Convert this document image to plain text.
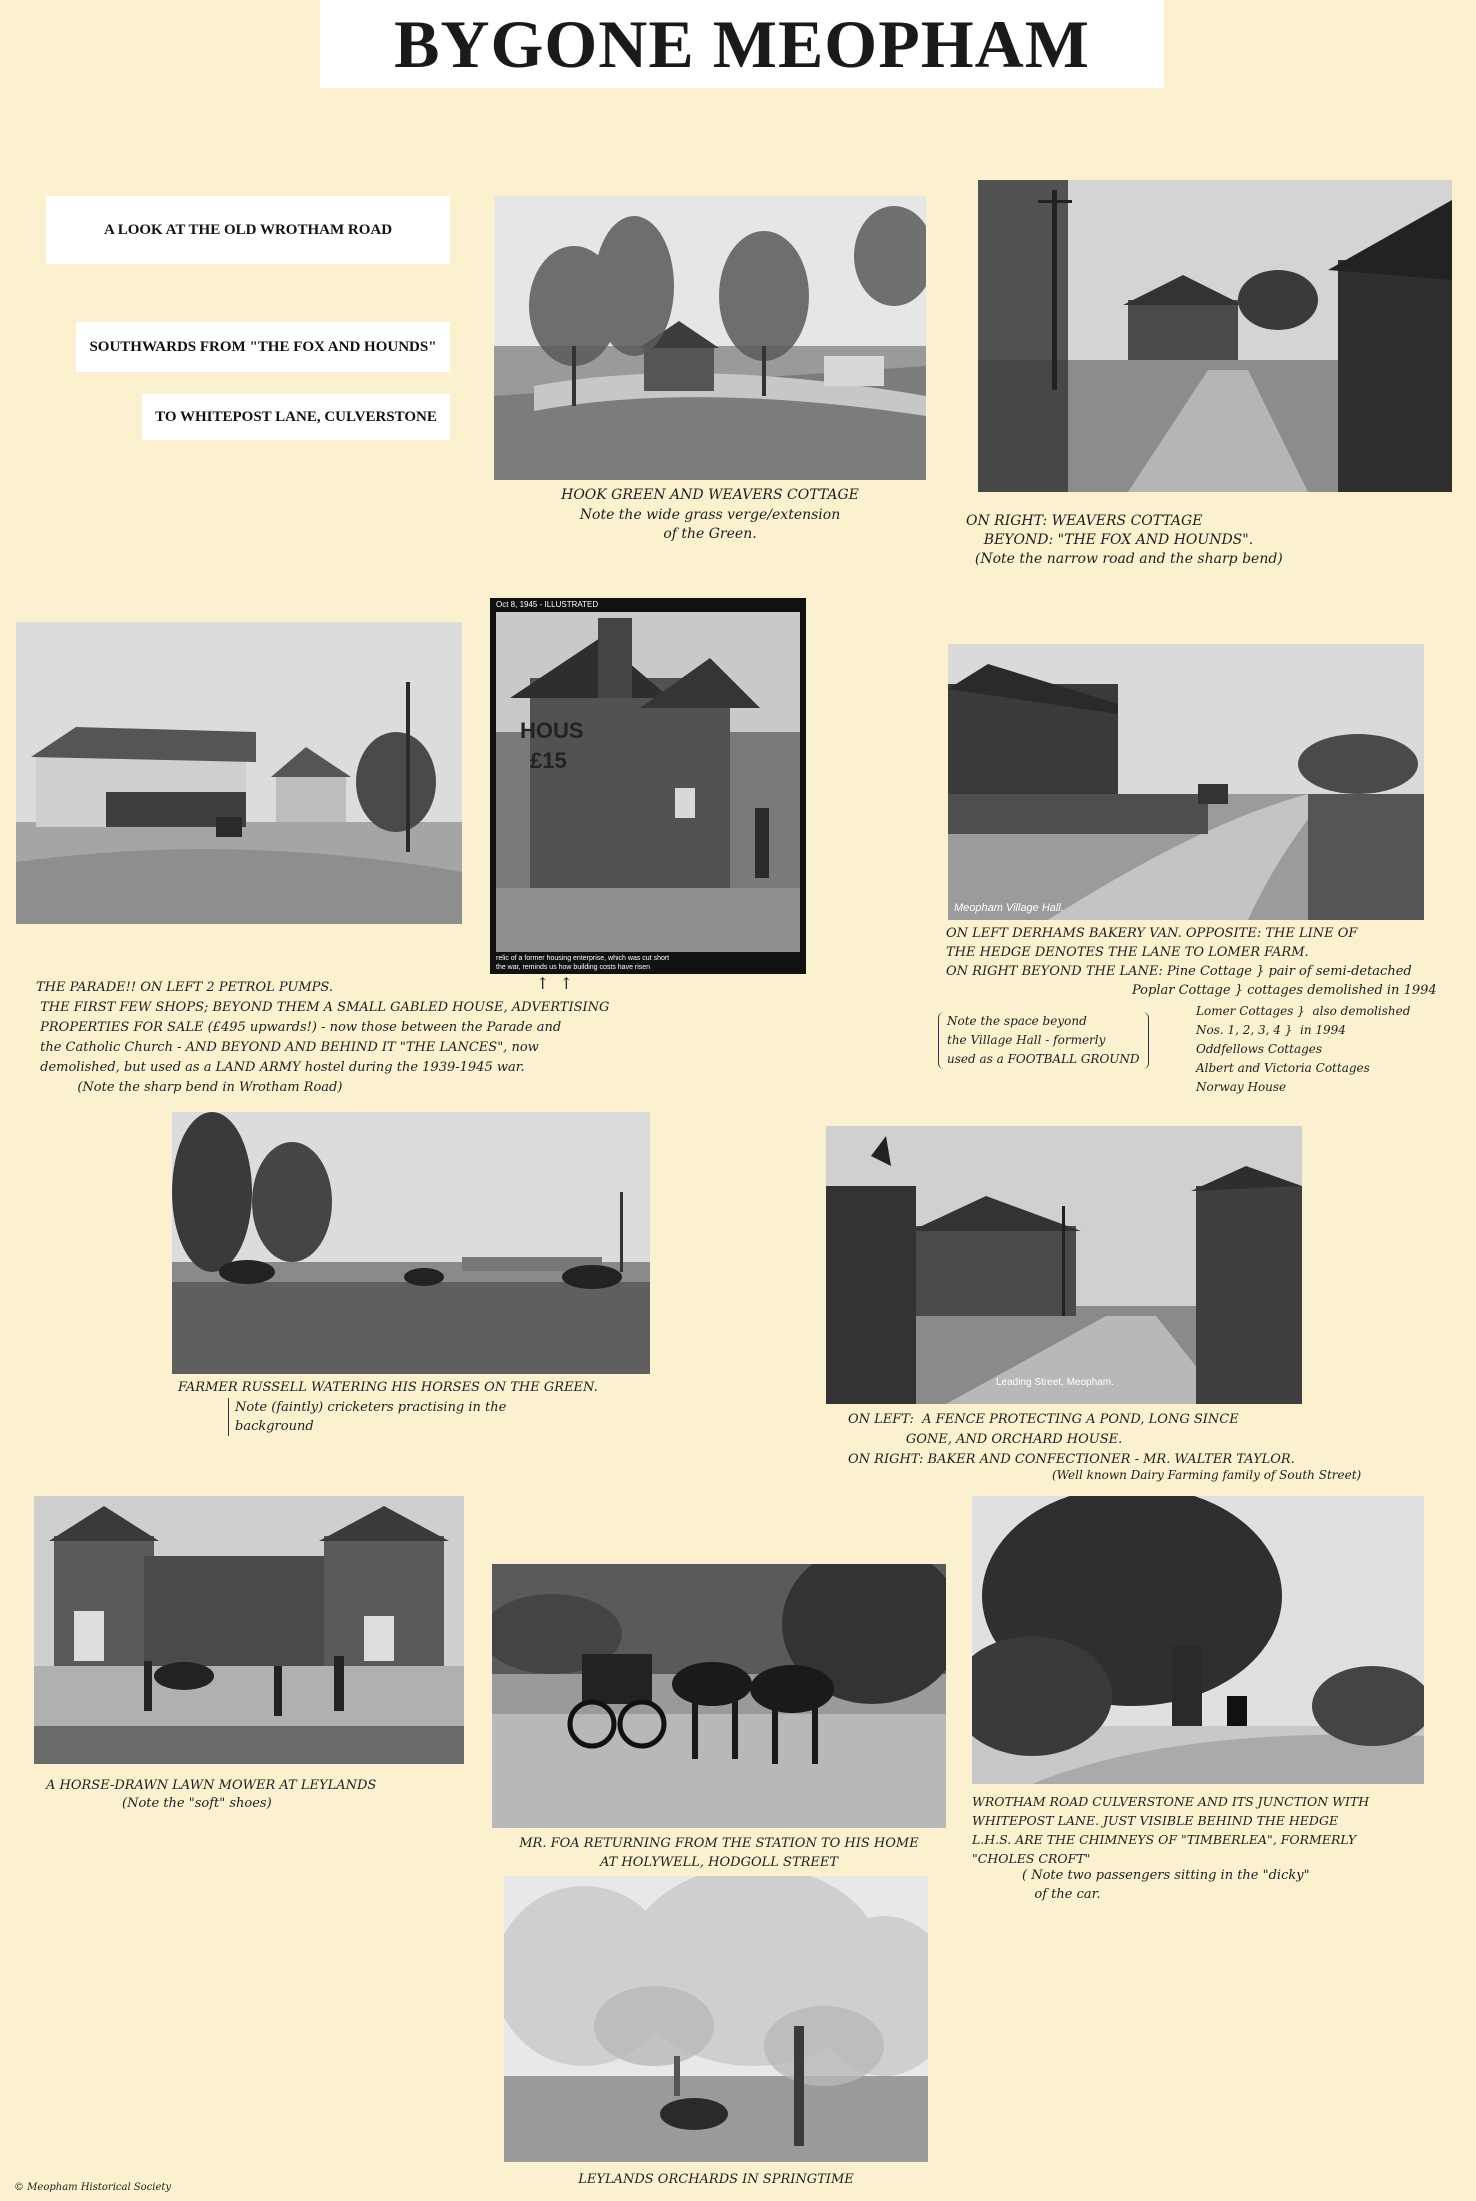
BYGONE MEOPHAM
A LOOK AT THE OLD WROTHAM ROAD
SOUTHWARDS FROM "THE FOX AND HOUNDS"
TO WHITEPOST LANE, CULVERSTONE
HOOK GREEN AND WEAVERS COTTAGE
Note the wide grass verge/extension
of the Green.
ON RIGHT: WEAVERS COTTAGE
BEYOND: "THE FOX AND HOUNDS".
(Note the narrow road and the sharp bend)
Oct 8, 1945 - ILLUSTRATED
HOUS
£15
relic of a former housing enterprise, which was cut short
the war, reminds us how building costs have risen
↑  ↑
THE PARADE!! ON LEFT 2 PETROL PUMPS.
THE FIRST FEW SHOPS; BEYOND THEM A SMALL GABLED HOUSE, ADVERTISING
PROPERTIES FOR SALE (£495 upwards!) - now those between the Parade and
the Catholic Church - AND BEYOND AND BEHIND IT "THE LANCES", now
demolished, but used as a LAND ARMY hostel during the 1939-1945 war.
(Note the sharp bend in Wrotham Road)
Meopham Village Hall.
ON LEFT DERHAMS BAKERY VAN. OPPOSITE: THE LINE OF
THE HEDGE DENOTES THE LANE TO LOMER FARM.
ON RIGHT BEYOND THE LANE: Pine Cottage } pair of semi-detached
Poplar Cottage } cottages demolished in 1994
Lomer Cottages }  also demolished
Nos. 1, 2, 3, 4 }  in 1994
Oddfellows Cottages
Albert and Victoria Cottages
Norway House
Note the space beyond
the Village Hall - formerly
used as a FOOTBALL GROUND
FARMER RUSSELL WATERING HIS HORSES ON THE GREEN.
Note (faintly) cricketers practising in the
background
Leading Street, Meopham.
ON LEFT:  A FENCE PROTECTING A POND, LONG SINCE
GONE, AND ORCHARD HOUSE.
ON RIGHT: BAKER AND CONFECTIONER - MR. WALTER TAYLOR.
(Well known Dairy Farming family of South Street)
A HORSE-DRAWN LAWN MOWER AT LEYLANDS
(Note the "soft" shoes)
MR. FOA RETURNING FROM THE STATION TO HIS HOME
AT HOLYWELL, HODGOLL STREET
WROTHAM ROAD CULVERSTONE AND ITS JUNCTION WITH
WHITEPOST LANE. JUST VISIBLE BEHIND THE HEDGE
L.H.S. ARE THE CHIMNEYS OF "TIMBERLEA", FORMERLY
"CHOLES CROFT"
( Note two passengers sitting in the "dicky"
of the car.
LEYLANDS ORCHARDS IN SPRINGTIME
© Meopham Historical Society
